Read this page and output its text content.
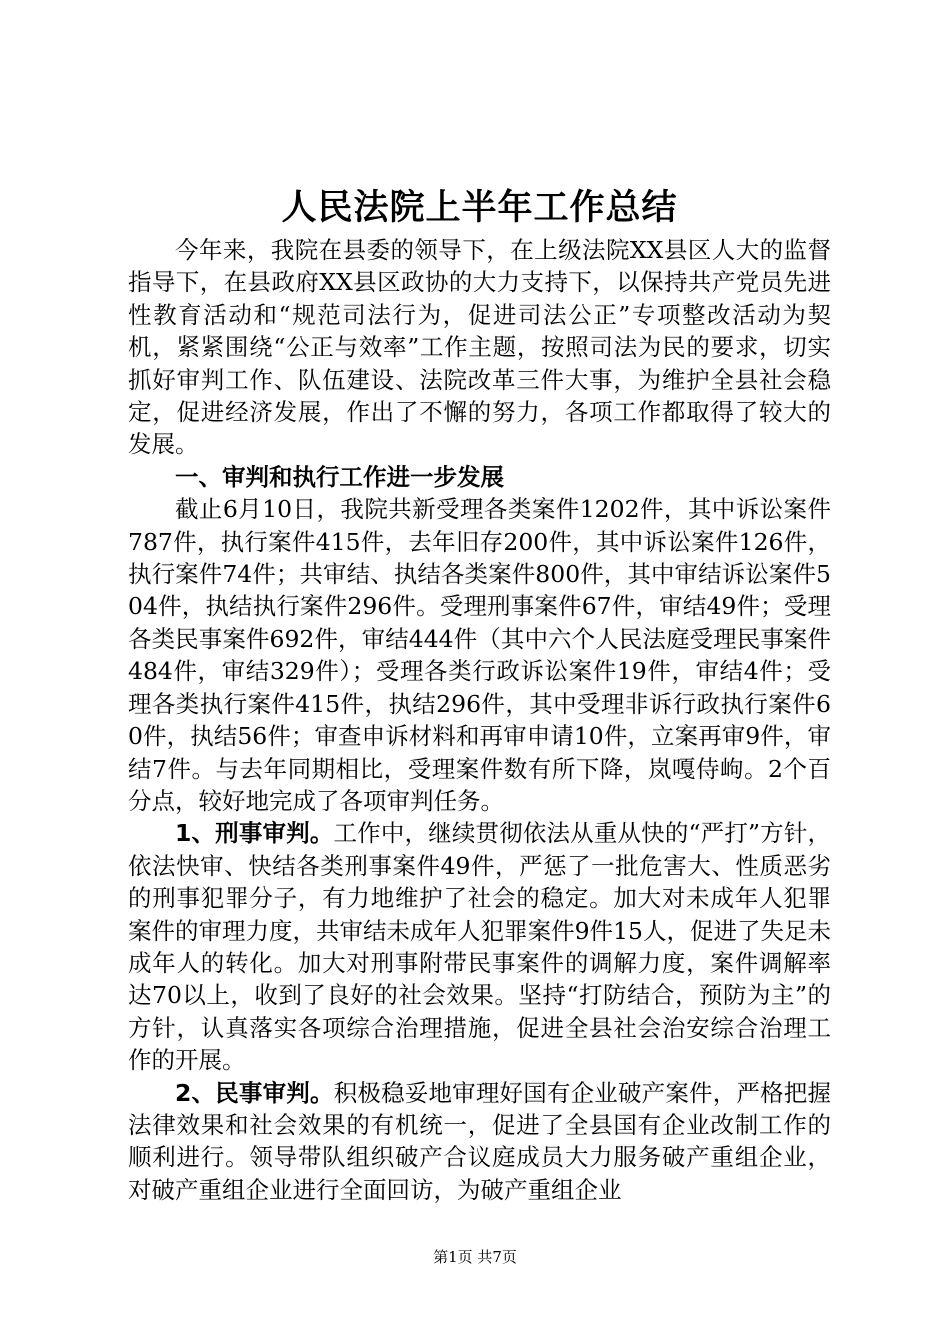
人民法院上半年工作总结

今年来，我院在县委的领导下，在上级法院XX县区人大的监督指导下，在县政府XX县区政协的大力支持下，以保持共产党员先进性教育活动和“规范司法行为，促进司法公正”专项整改活动为契机，紧紧围绕“公正与效率”工作主题，按照司法为民的要求，切实抓好审判工作、队伍建设、法院改革三件大事，为维护全县社会稳定，促进经济发展，作出了不懈的努力，各项工作都取得了较大的发展。

一、审判和执行工作进一步发展

截止6月10日，我院共新受理各类案件1202件，其中诉讼案件787件，执行案件415件，去年旧存200件，其中诉讼案件126件，执行案件74件；共审结、执结各类案件800件，其中审结诉讼案件504件，执结执行案件296件。受理刑事案件67件，审结49件；受理各类民事案件692件，审结444件（其中六个人民法庭受理民事案件484件，审结329件）；受理各类行政诉讼案件19件，审结4件；受理各类执行案件415件，执结296件，其中受理非诉行政执行案件60件，执结56件；审查申诉材料和再审申请10件，立案再审9件，审结7件。与去年同期相比，受理案件数有所下降，岚嘎侍岣。2个百分点，较好地完成了各项审判任务。

1、刑事审判。工作中，继续贯彻依法从重从快的“严打”方针，依法快审、快结各类刑事案件49件，严惩了一批危害大、性质恶劣的刑事犯罪分子，有力地维护了社会的稳定。加大对未成年人犯罪案件的审理力度，共审结未成年人犯罪案件9件15人，促进了失足未成年人的转化。加大对刑事附带民事案件的调解力度，案件调解率达70以上，收到了良好的社会效果。坚持“打防结合，预防为主”的方针，认真落实各项综合治理措施，促进全县社会治安综合治理工作的开展。

2、民事审判。积极稳妥地审理好国有企业破产案件，严格把握法律效果和社会效果的有机统一，促进了全县国有企业改制工作的顺利进行。领导带队组织破产合议庭成员大力服务破产重组企业，对破产重组企业进行全面回访，为破产重组企业

第1页 共7页
